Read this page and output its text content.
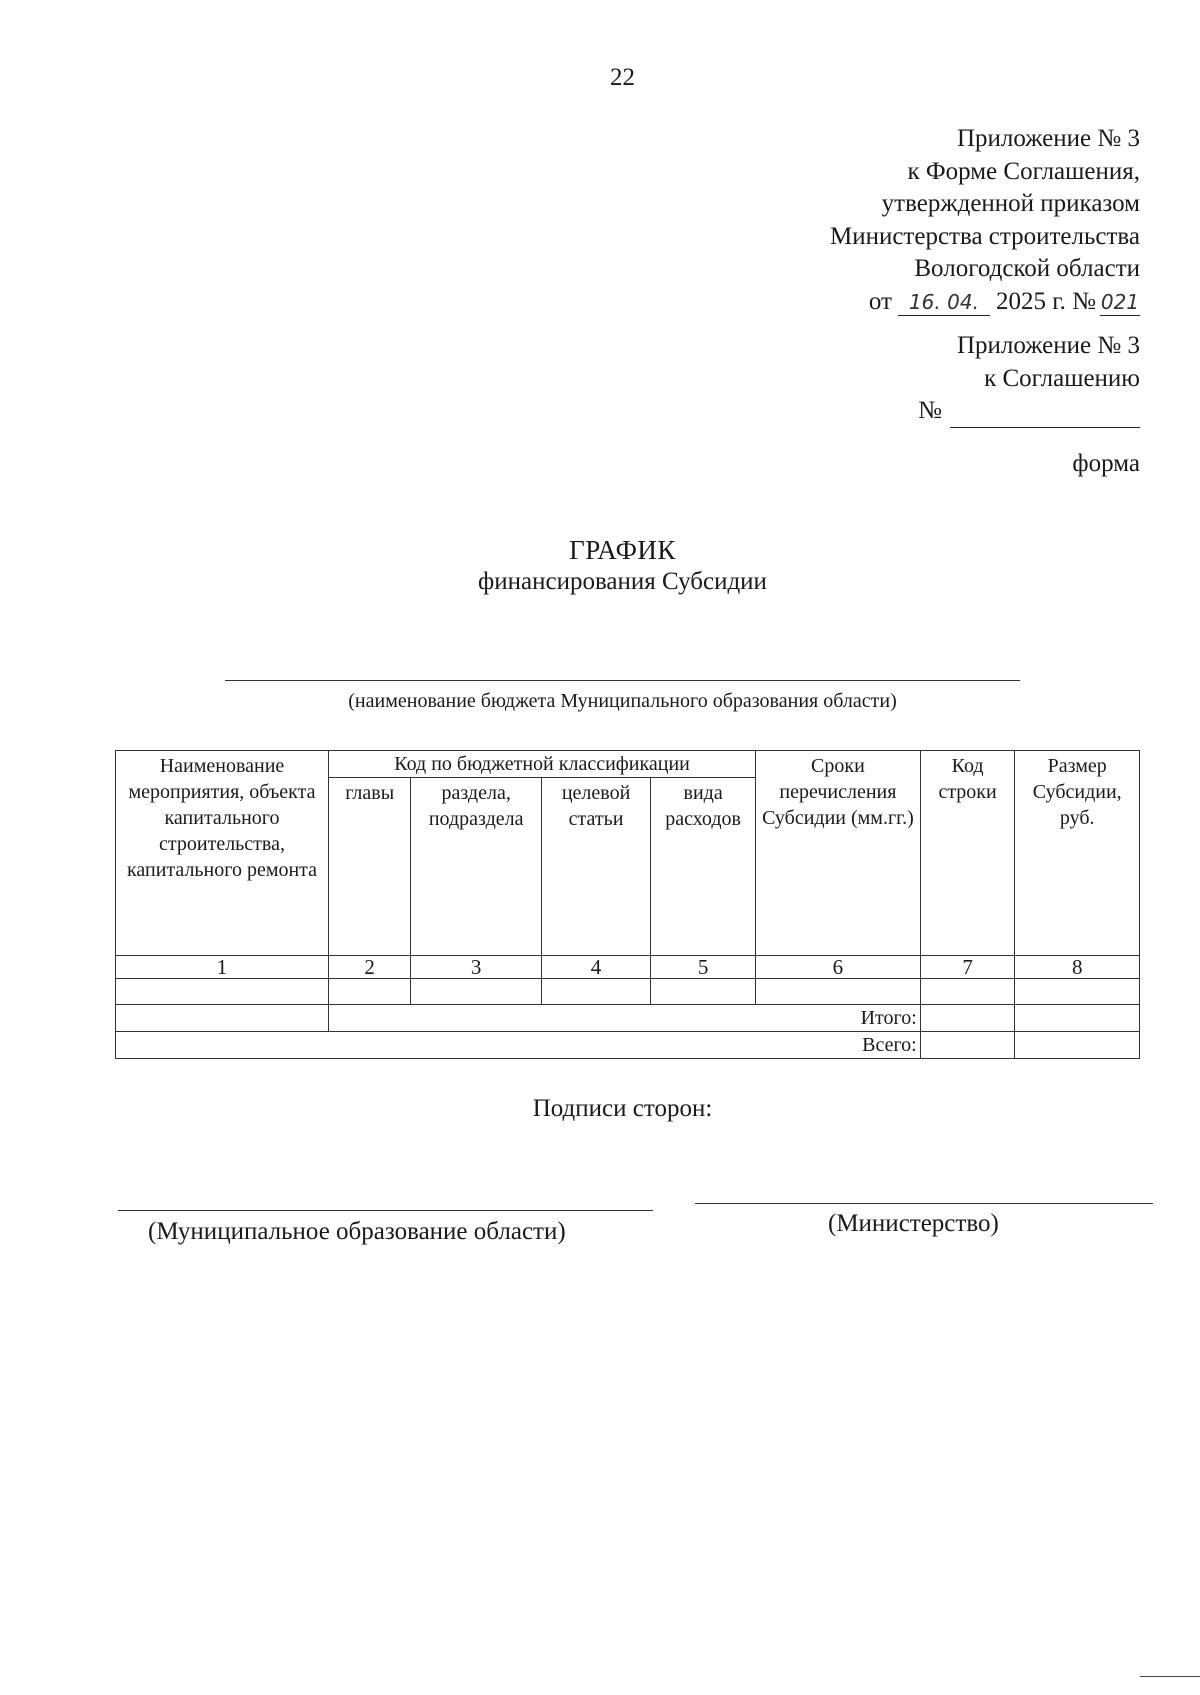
22
Приложение № 3
к Форме Соглашения,
утвержденной приказом
Министерства строительства
Вологодской области
от 16. 04. 2025 г. № 021
Приложение № 3
к Соглашению
№
форма
ГРАФИК
финансирования Субсидии
(наименование бюджета Муниципального образования области)
Наименование мероприятия, объекта капитального строительства, капитального ремонта	Код по бюджетной классификации				Сроки перечисления Субсидии (мм.гг.)	Код строки	Размер Субсидии, руб.
	главы	раздела, подраздела	целевой статьи	вида расходов			
1	2	3	4	5	6	7	8

	Итого:						
Всего:							
Подписи сторон:
(Муниципальное образование области)	(Министерство)
